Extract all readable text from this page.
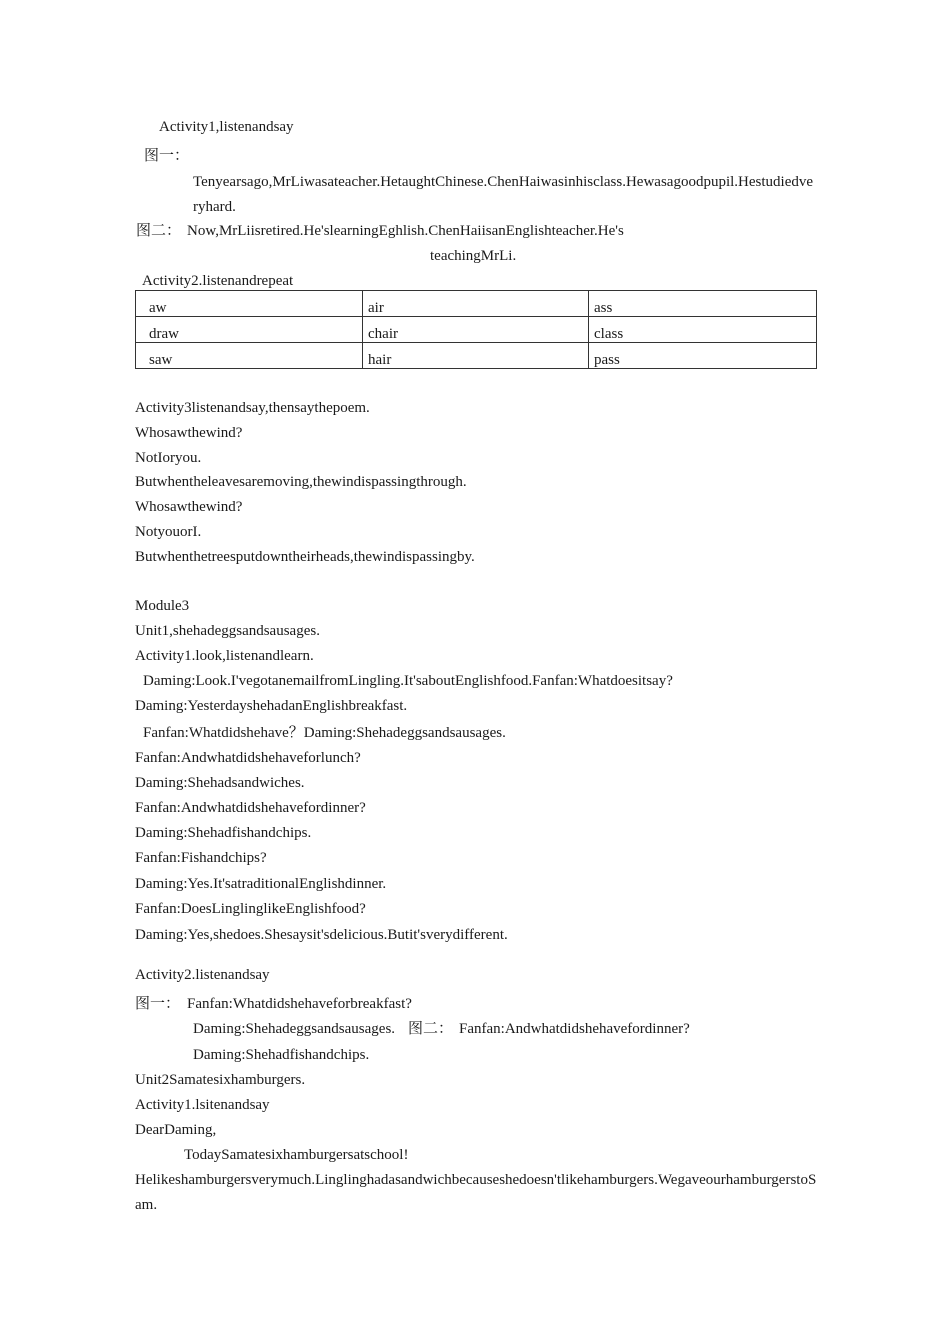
Activity1,listenandsay
图一：
Tenyearsago,MrLiwasateacher.HetaughtChinese.ChenHaiwasinhisclass.Hewasagoodpupil.Hestudiedveryhard.
图二： Now,MrLiisretired.He'slearningEghlish.ChenHaiisanEnglishteacher.He's
teachingMrLi.
Activity2.listenandrepeat
aw	air	ass
draw	chair	class
saw	hair	pass
Activity3listenandsay,thensaythepoem.
Whosawthewind?
NotIoryou.
Butwhentheleavesaremoving,thewindispassingthrough.
Whosawthewind?
NotyouorI.
Butwhenthetreesputdowntheirheads,thewindispassingby.
Module3
Unit1,shehadeggsandsausages.
Activity1.look,listenandlearn.
Daming:Look.I'vegotanemailfromLingling.It'saboutEnglishfood.Fanfan:Whatdoesitsay?
Daming:YesterdayshehadanEnglishbreakfast.
Fanfan:Whatdidshehave？Daming:Shehadeggsandsausages.
Fanfan:Andwhatdidshehaveforlunch?
Daming:Shehadsandwiches.
Fanfan:Andwhatdidshehavefordinner?
Daming:Shehadfishandchips.
Fanfan:Fishandchips?
Daming:Yes.It'satraditionalEnglishdinner.
Fanfan:DoesLinglinglikeEnglishfood?
Daming:Yes,shedoes.Shesaysit'sdelicious.Butit'sverydifferent.
Activity2.listenandsay
图一： Fanfan:Whatdidshehaveforbreakfast?
Daming:Shehadeggsandsausages. 图二： Fanfan:Andwhatdidshehavefordinner?
Daming:Shehadfishandchips.
Unit2Samatesixhamburgers.
Activity1.lsitenandsay
DearDaming,
TodaySamatesixhamburgersatschool!
Helikeshamburgersverymuch.Linglinghadasandwichbecauseshedoesn'tlikehamburgers.WegaveourhamburgerstoSam.
